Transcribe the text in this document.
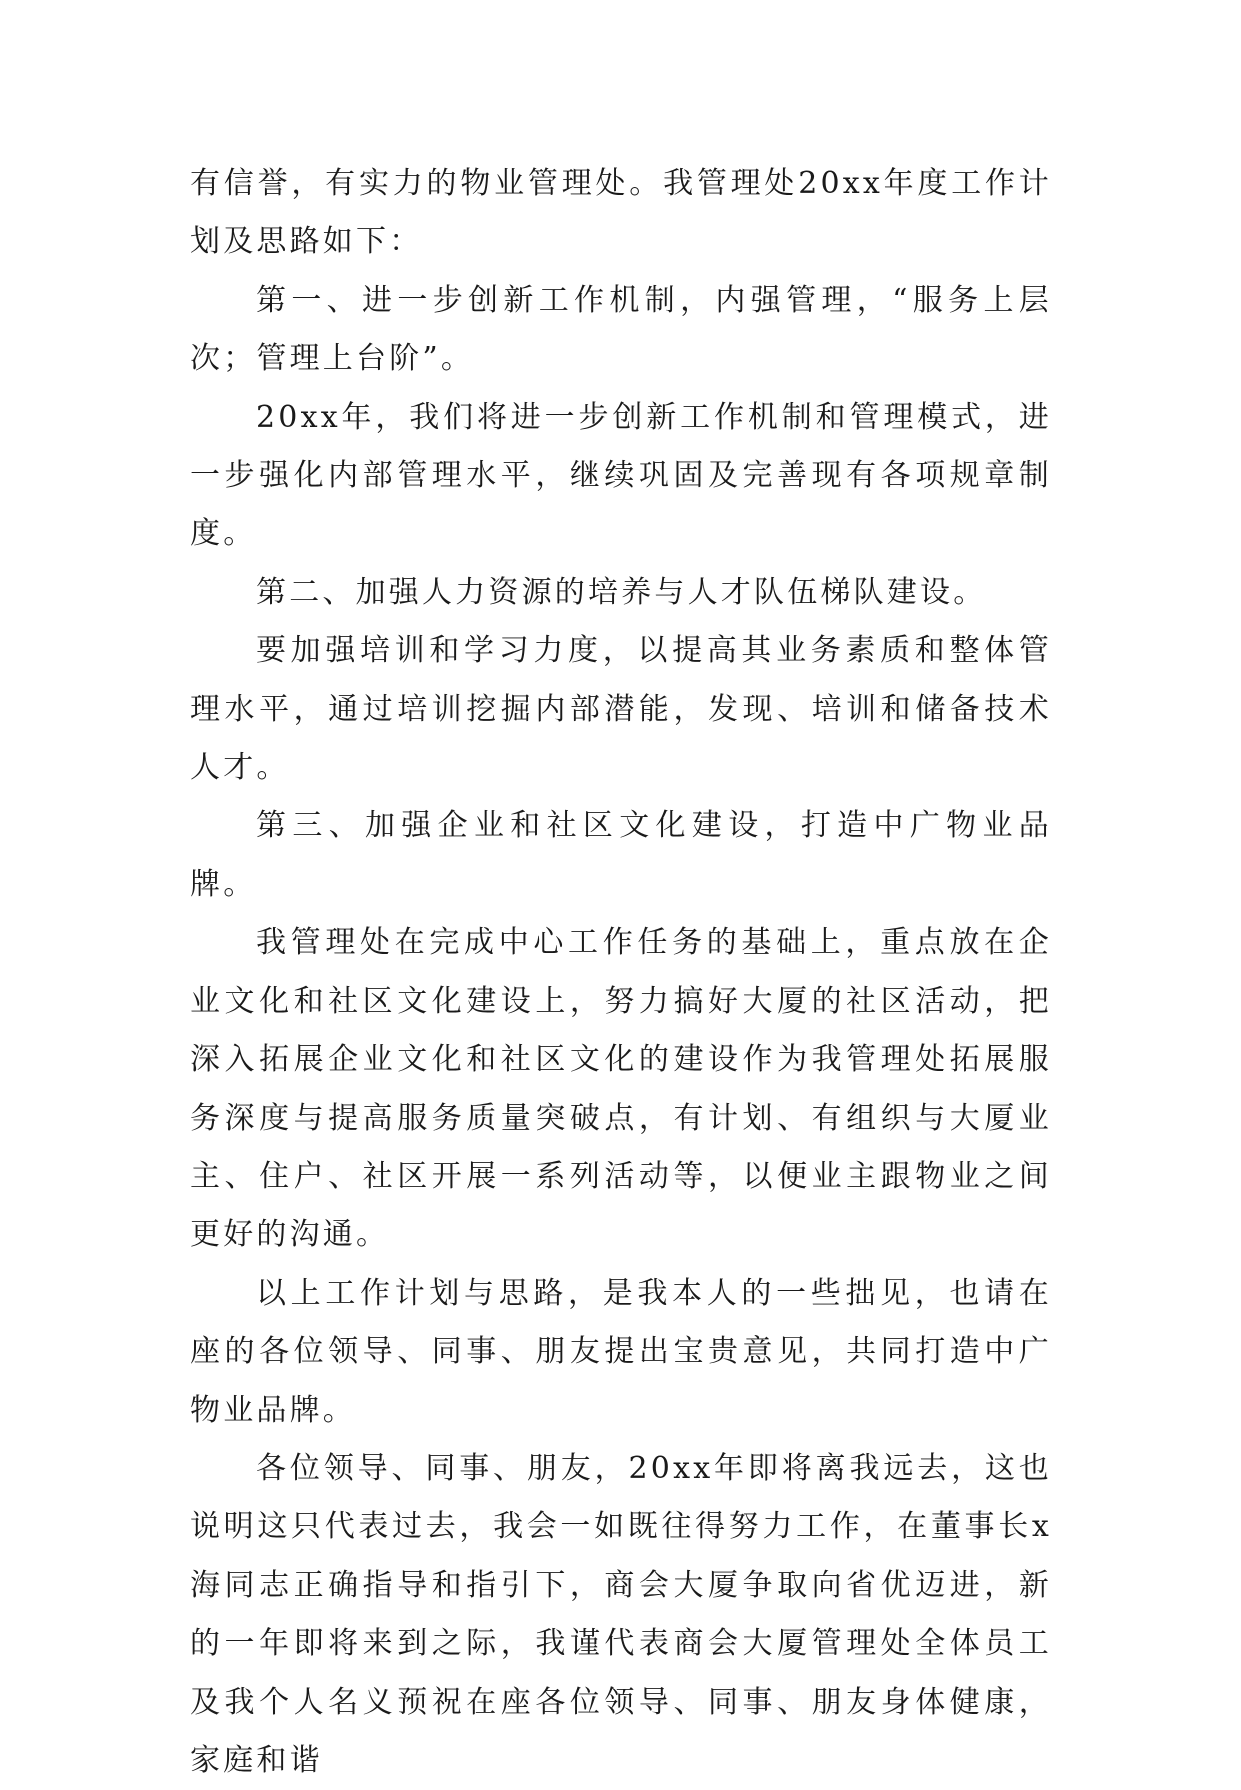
有信誉，有实力的物业管理处。我管理处20xx年度工作计划及思路如下：

第一、进一步创新工作机制，内强管理，“服务上层次；管理上台阶”。

20xx年，我们将进一步创新工作机制和管理模式，进一步强化内部管理水平，继续巩固及完善现有各项规章制度。

第二、加强人力资源的培养与人才队伍梯队建设。

要加强培训和学习力度，以提高其业务素质和整体管理水平，通过培训挖掘内部潜能，发现、培训和储备技术人才。

第三、加强企业和社区文化建设，打造中广物业品牌。

我管理处在完成中心工作任务的基础上，重点放在企业文化和社区文化建设上，努力搞好大厦的社区活动，把深入拓展企业文化和社区文化的建设作为我管理处拓展服务深度与提高服务质量突破点，有计划、有组织与大厦业主、住户、社区开展一系列活动等，以便业主跟物业之间更好的沟通。

以上工作计划与思路，是我本人的一些拙见，也请在座的各位领导、同事、朋友提出宝贵意见，共同打造中广物业品牌。

各位领导、同事、朋友，20xx年即将离我远去，这也说明这只代表过去，我会一如既往得努力工作，在董事长x海同志正确指导和指引下，商会大厦争取向省优迈进，新的一年即将来到之际，我谨代表商会大厦管理处全体员工及我个人名义预祝在座各位领导、同事、朋友身体健康，家庭和谐
